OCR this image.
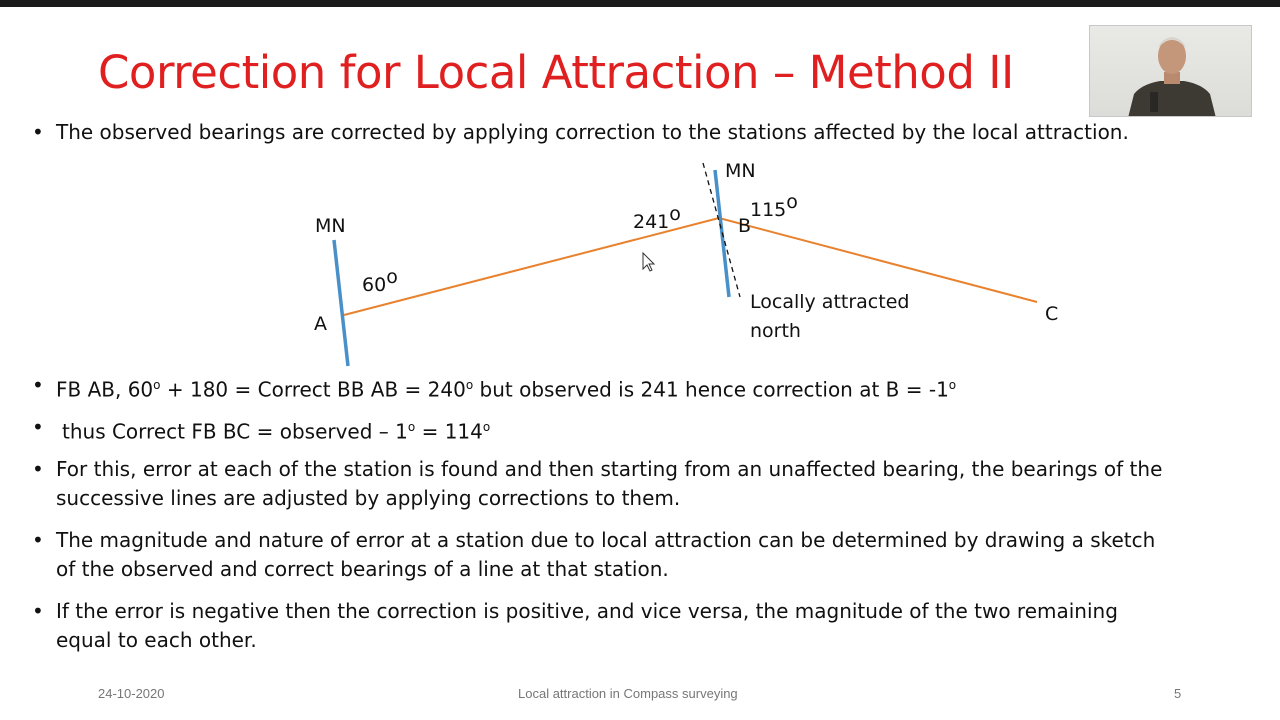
Correction for Local Attraction – Method II
• The observed bearings are corrected by applying correction to the stations affected by the local attraction.
MN
MN
A
B
C
60o
241o	115o
Locally attracted
north
• FB AB, $60^o + 180$ = Correct BB AB = $240^o$ but observed is 241 hence correction at $B = -1^o$
• thus Correct FB BC = observed – $1^o = 114^o$
• For this, error at each of the station is found and then starting from an unaffected bearing, the bearings of the
successive lines are adjusted by applying corrections to them.
• The magnitude and nature of error at a station due to local attraction can be determined by drawing a sketch
of the observed and correct bearings of a line at that station.
• If the error is negative then the correction is positive, and vice versa, the magnitude of the two remaining
equal to each other.
24-10-2020	Local attraction in Compass surveying	5
